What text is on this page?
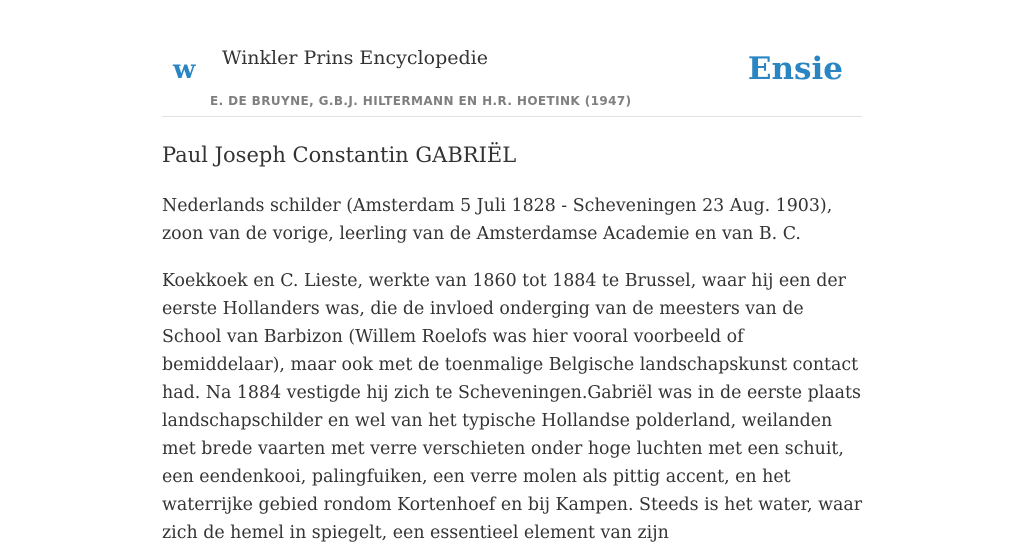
w Winkler Prins Encyclopedie
E. DE BRUYNE, G.B.J. HILTERMANN EN H.R. HOETINK (1947)
Ensie
Paul Joseph Constantin GABRIËL

Nederlands schilder (Amsterdam 5 Juli 1828 - Scheveningen 23 Aug. 1903), zoon van de vorige, leerling van de Amsterdamse Academie en van B. C.

Koekkoek en C. Lieste, werkte van 1860 tot 1884 te Brussel, waar hij een der eerste Hollanders was, die de invloed onderging van de meesters van de School van Barbizon (Willem Roelofs was hier vooral voorbeeld of bemiddelaar), maar ook met de toenmalige Belgische landschapskunst contact had. Na 1884 vestigde hij zich te Scheveningen.Gabriël was in de eerste plaats landschapschilder en wel van het typische Hollandse polderland, weilanden met brede vaarten met verre verschieten onder hoge luchten met een schuit, een eendenkooi, palingfuiken, een verre molen als pittig accent, en het waterrijke gebied rondom Kortenhoef en bij Kampen. Steeds is het water, waar zich de hemel in spiegelt, een essentieel element van zijn
